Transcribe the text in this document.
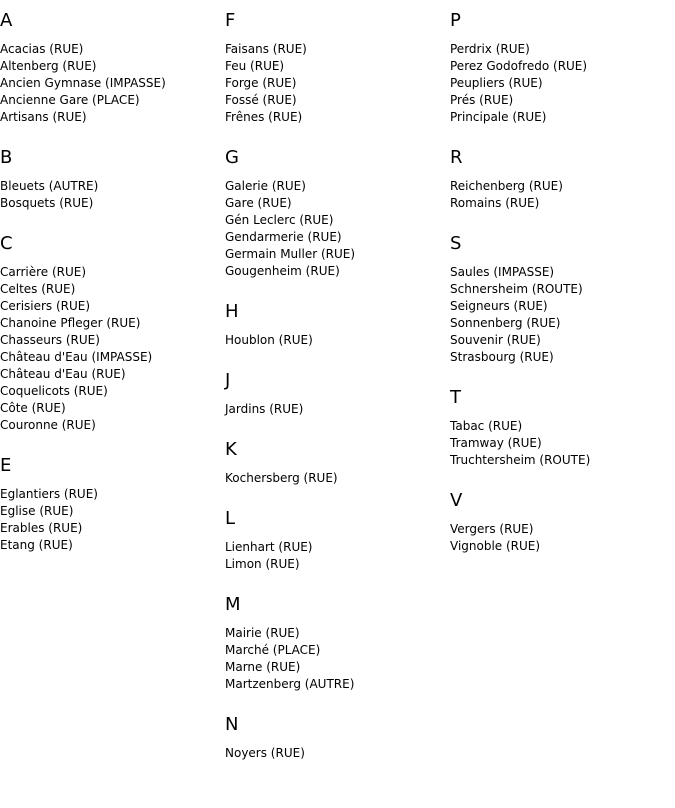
A
Acacias (RUE)
Altenberg (RUE)
Ancien Gymnase (IMPASSE)
Ancienne Gare (PLACE)
Artisans (RUE)
B
Bleuets (AUTRE)
Bosquets (RUE)
C
Carrière (RUE)
Celtes (RUE)
Cerisiers (RUE)
Chanoine Pfleger (RUE)
Chasseurs (RUE)
Château d'Eau (IMPASSE)
Château d'Eau (RUE)
Coquelicots (RUE)
Côte (RUE)
Couronne (RUE)
E
Eglantiers (RUE)
Eglise (RUE)
Erables (RUE)
Etang (RUE)
F
Faisans (RUE)
Feu (RUE)
Forge (RUE)
Fossé (RUE)
Frênes (RUE)
G
Galerie (RUE)
Gare (RUE)
Gén Leclerc (RUE)
Gendarmerie (RUE)
Germain Muller (RUE)
Gougenheim (RUE)
H
Houblon (RUE)
J
Jardins (RUE)
K
Kochersberg (RUE)
L
Lienhart (RUE)
Limon (RUE)
M
Mairie (RUE)
Marché (PLACE)
Marne (RUE)
Martzenberg (AUTRE)
N
Noyers (RUE)
P
Perdrix (RUE)
Perez Godofredo (RUE)
Peupliers (RUE)
Prés (RUE)
Principale (RUE)
R
Reichenberg (RUE)
Romains (RUE)
S
Saules (IMPASSE)
Schnersheim (ROUTE)
Seigneurs (RUE)
Sonnenberg (RUE)
Souvenir (RUE)
Strasbourg (RUE)
T
Tabac (RUE)
Tramway (RUE)
Truchtersheim (ROUTE)
V
Vergers (RUE)
Vignoble (RUE)
